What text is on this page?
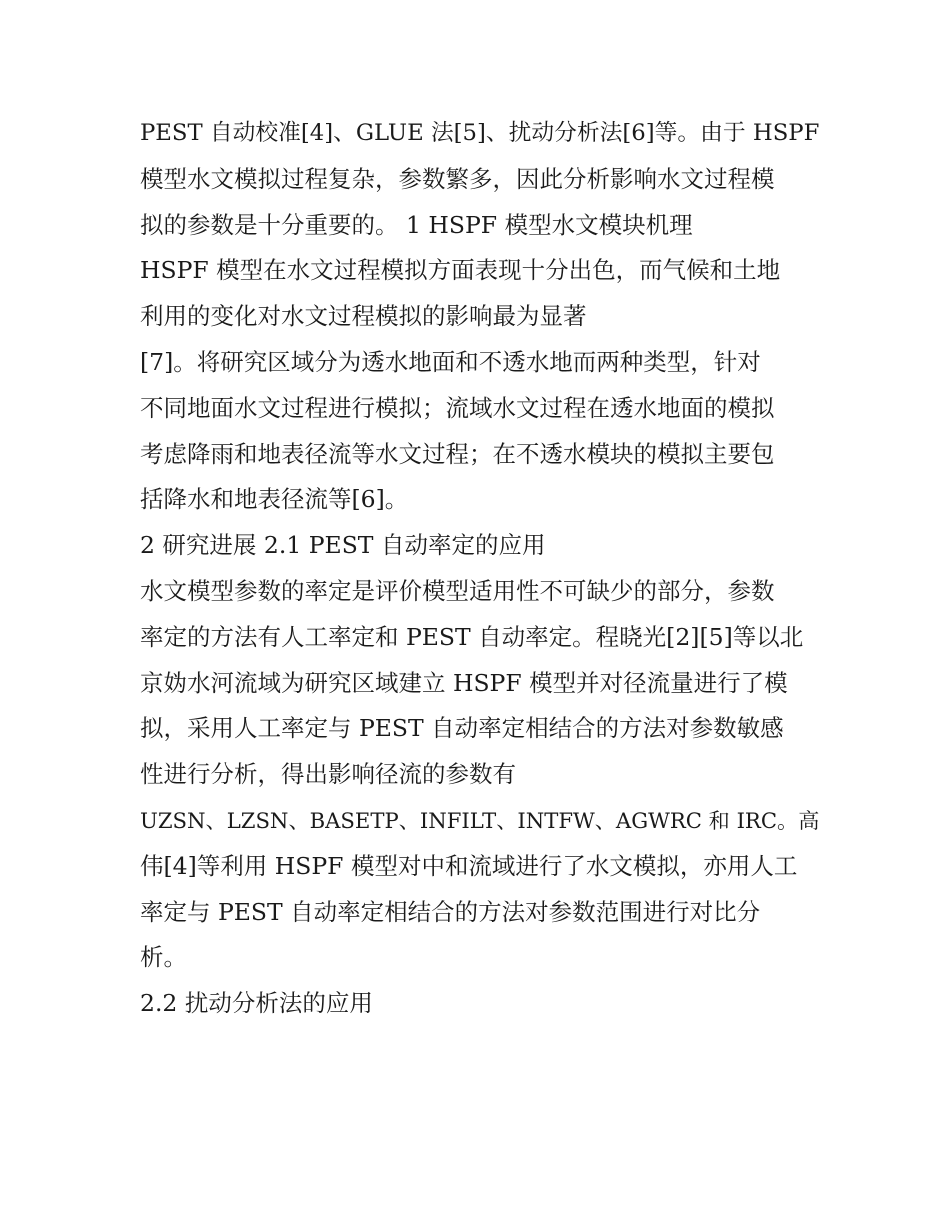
PEST 自动校准[4]、GLUE 法[5]、扰动分析法[6]等。由于 HSPF
模型水文模拟过程复杂，参数繁多，因此分析影响水文过程模
拟的参数是十分重要的。 1 HSPF 模型水文模块机理
HSPF 模型在水文过程模拟方面表现十分出色，而气候和土地
利用的变化对水文过程模拟的影响最为显著
[7]。将研究区域分为透水地面和不透水地而两种类型，针对
不同地面水文过程进行模拟；流域水文过程在透水地面的模拟
考虑降雨和地表径流等水文过程；在不透水模块的模拟主要包
括降水和地表径流等[6]。
2 研究进展 2.1 PEST 自动率定的应用
水文模型参数的率定是评价模型适用性不可缺少的部分，参数
率定的方法有人工率定和 PEST 自动率定。程晓光[2][5]等以北
京妫水河流域为研究区域建立 HSPF 模型并对径流量进行了模
拟，采用人工率定与 PEST 自动率定相结合的方法对参数敏感
性进行分析，得出影响径流的参数有
UZSN、LZSN、BASETP、INFILT、INTFW、AGWRC 和 IRC。高
伟[4]等利用 HSPF 模型对中和流域进行了水文模拟，亦用人工
率定与 PEST 自动率定相结合的方法对参数范围进行对比分
析。
2.2 扰动分析法的应用
